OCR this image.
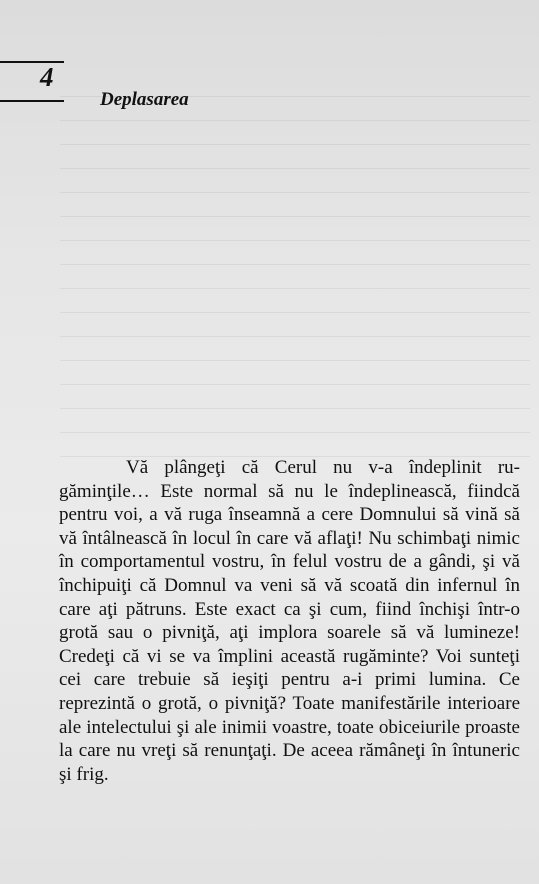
4
Deplasarea

Vă plângeţi că Cerul nu v-a îndeplinit rugăminţile… Este normal să nu le îndeplinească, fiindcă pentru voi, a vă ruga înseamnă a cere Domnului să vină să vă întâlnească în locul în care vă aflaţi! Nu schimbaţi nimic în comportamentul vostru, în felul vostru de a gândi, şi vă închipuiţi că Domnul va veni să vă scoată din infernul în care aţi pătruns. Este exact ca şi cum, fiind închişi într-o grotă sau o pivniţă, aţi implora soarele să vă lumineze! Credeţi că vi se va împlini această rugăminte? Voi sunteţi cei care trebuie să ieşiţi pentru a-i primi lumina. Ce reprezintă o grotă, o pivniţă? Toate manifestările interioare ale intelectului şi ale inimii voastre, toate obiceiurile proaste la care nu vreţi să renunţaţi. De aceea rămâneţi în întuneric şi frig.
